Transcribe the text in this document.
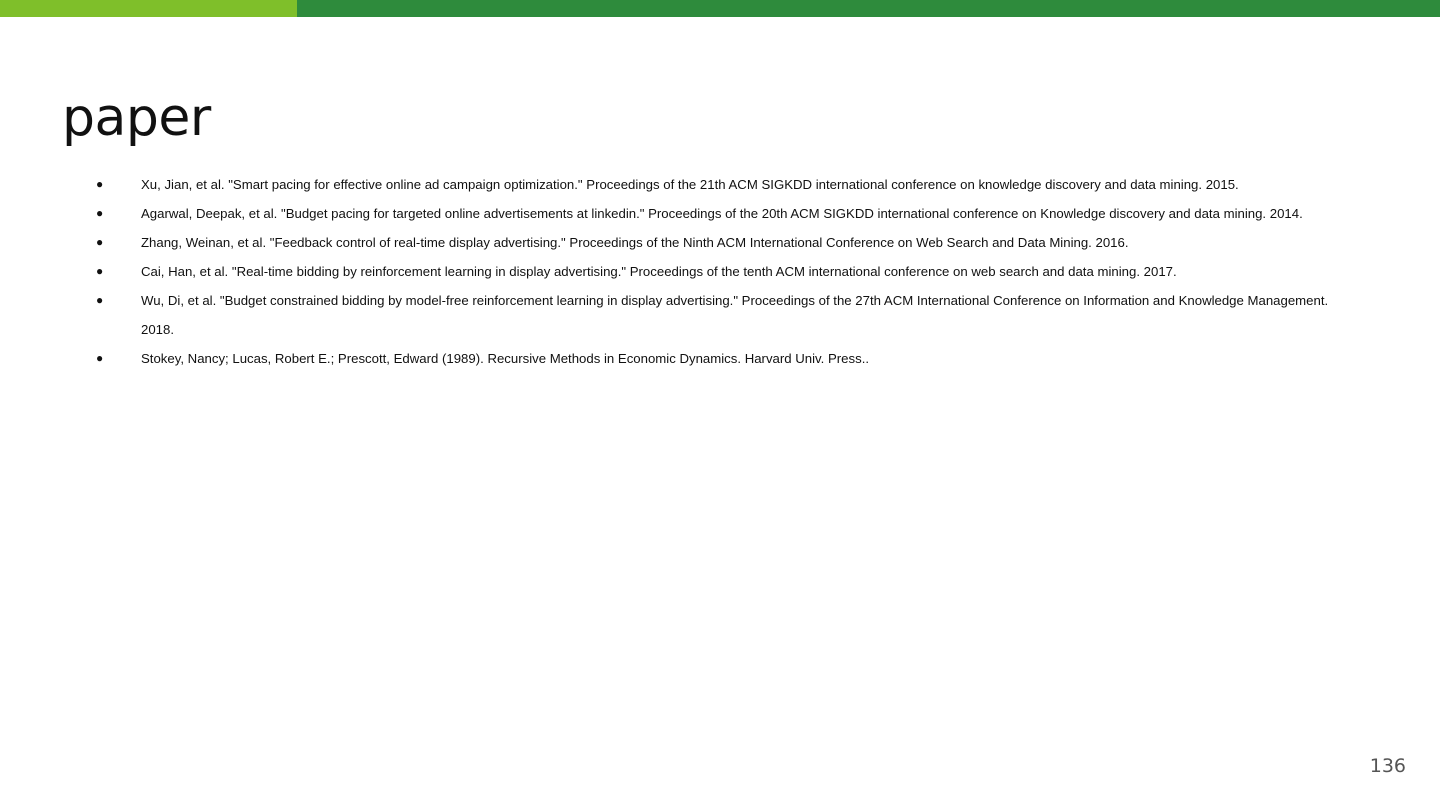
paper
●	Xu, Jian, et al. "Smart pacing for effective online ad campaign optimization." Proceedings of the 21th ACM SIGKDD international conference on knowledge discovery and data mining. 2015.
●	Agarwal, Deepak, et al. "Budget pacing for targeted online advertisements at linkedin." Proceedings of the 20th ACM SIGKDD international conference on Knowledge discovery and data mining. 2014.
●	Zhang, Weinan, et al. "Feedback control of real-time display advertising." Proceedings of the Ninth ACM International Conference on Web Search and Data Mining. 2016.
●	Cai, Han, et al. "Real-time bidding by reinforcement learning in display advertising." Proceedings of the tenth ACM international conference on web search and data mining. 2017.
●	Wu, Di, et al. "Budget constrained bidding by model-free reinforcement learning in display advertising." Proceedings of the 27th ACM International Conference on Information and Knowledge Management. 2018.
●	Stokey, Nancy; Lucas, Robert E.; Prescott, Edward (1989). Recursive Methods in Economic Dynamics. Harvard Univ. Press..
136
